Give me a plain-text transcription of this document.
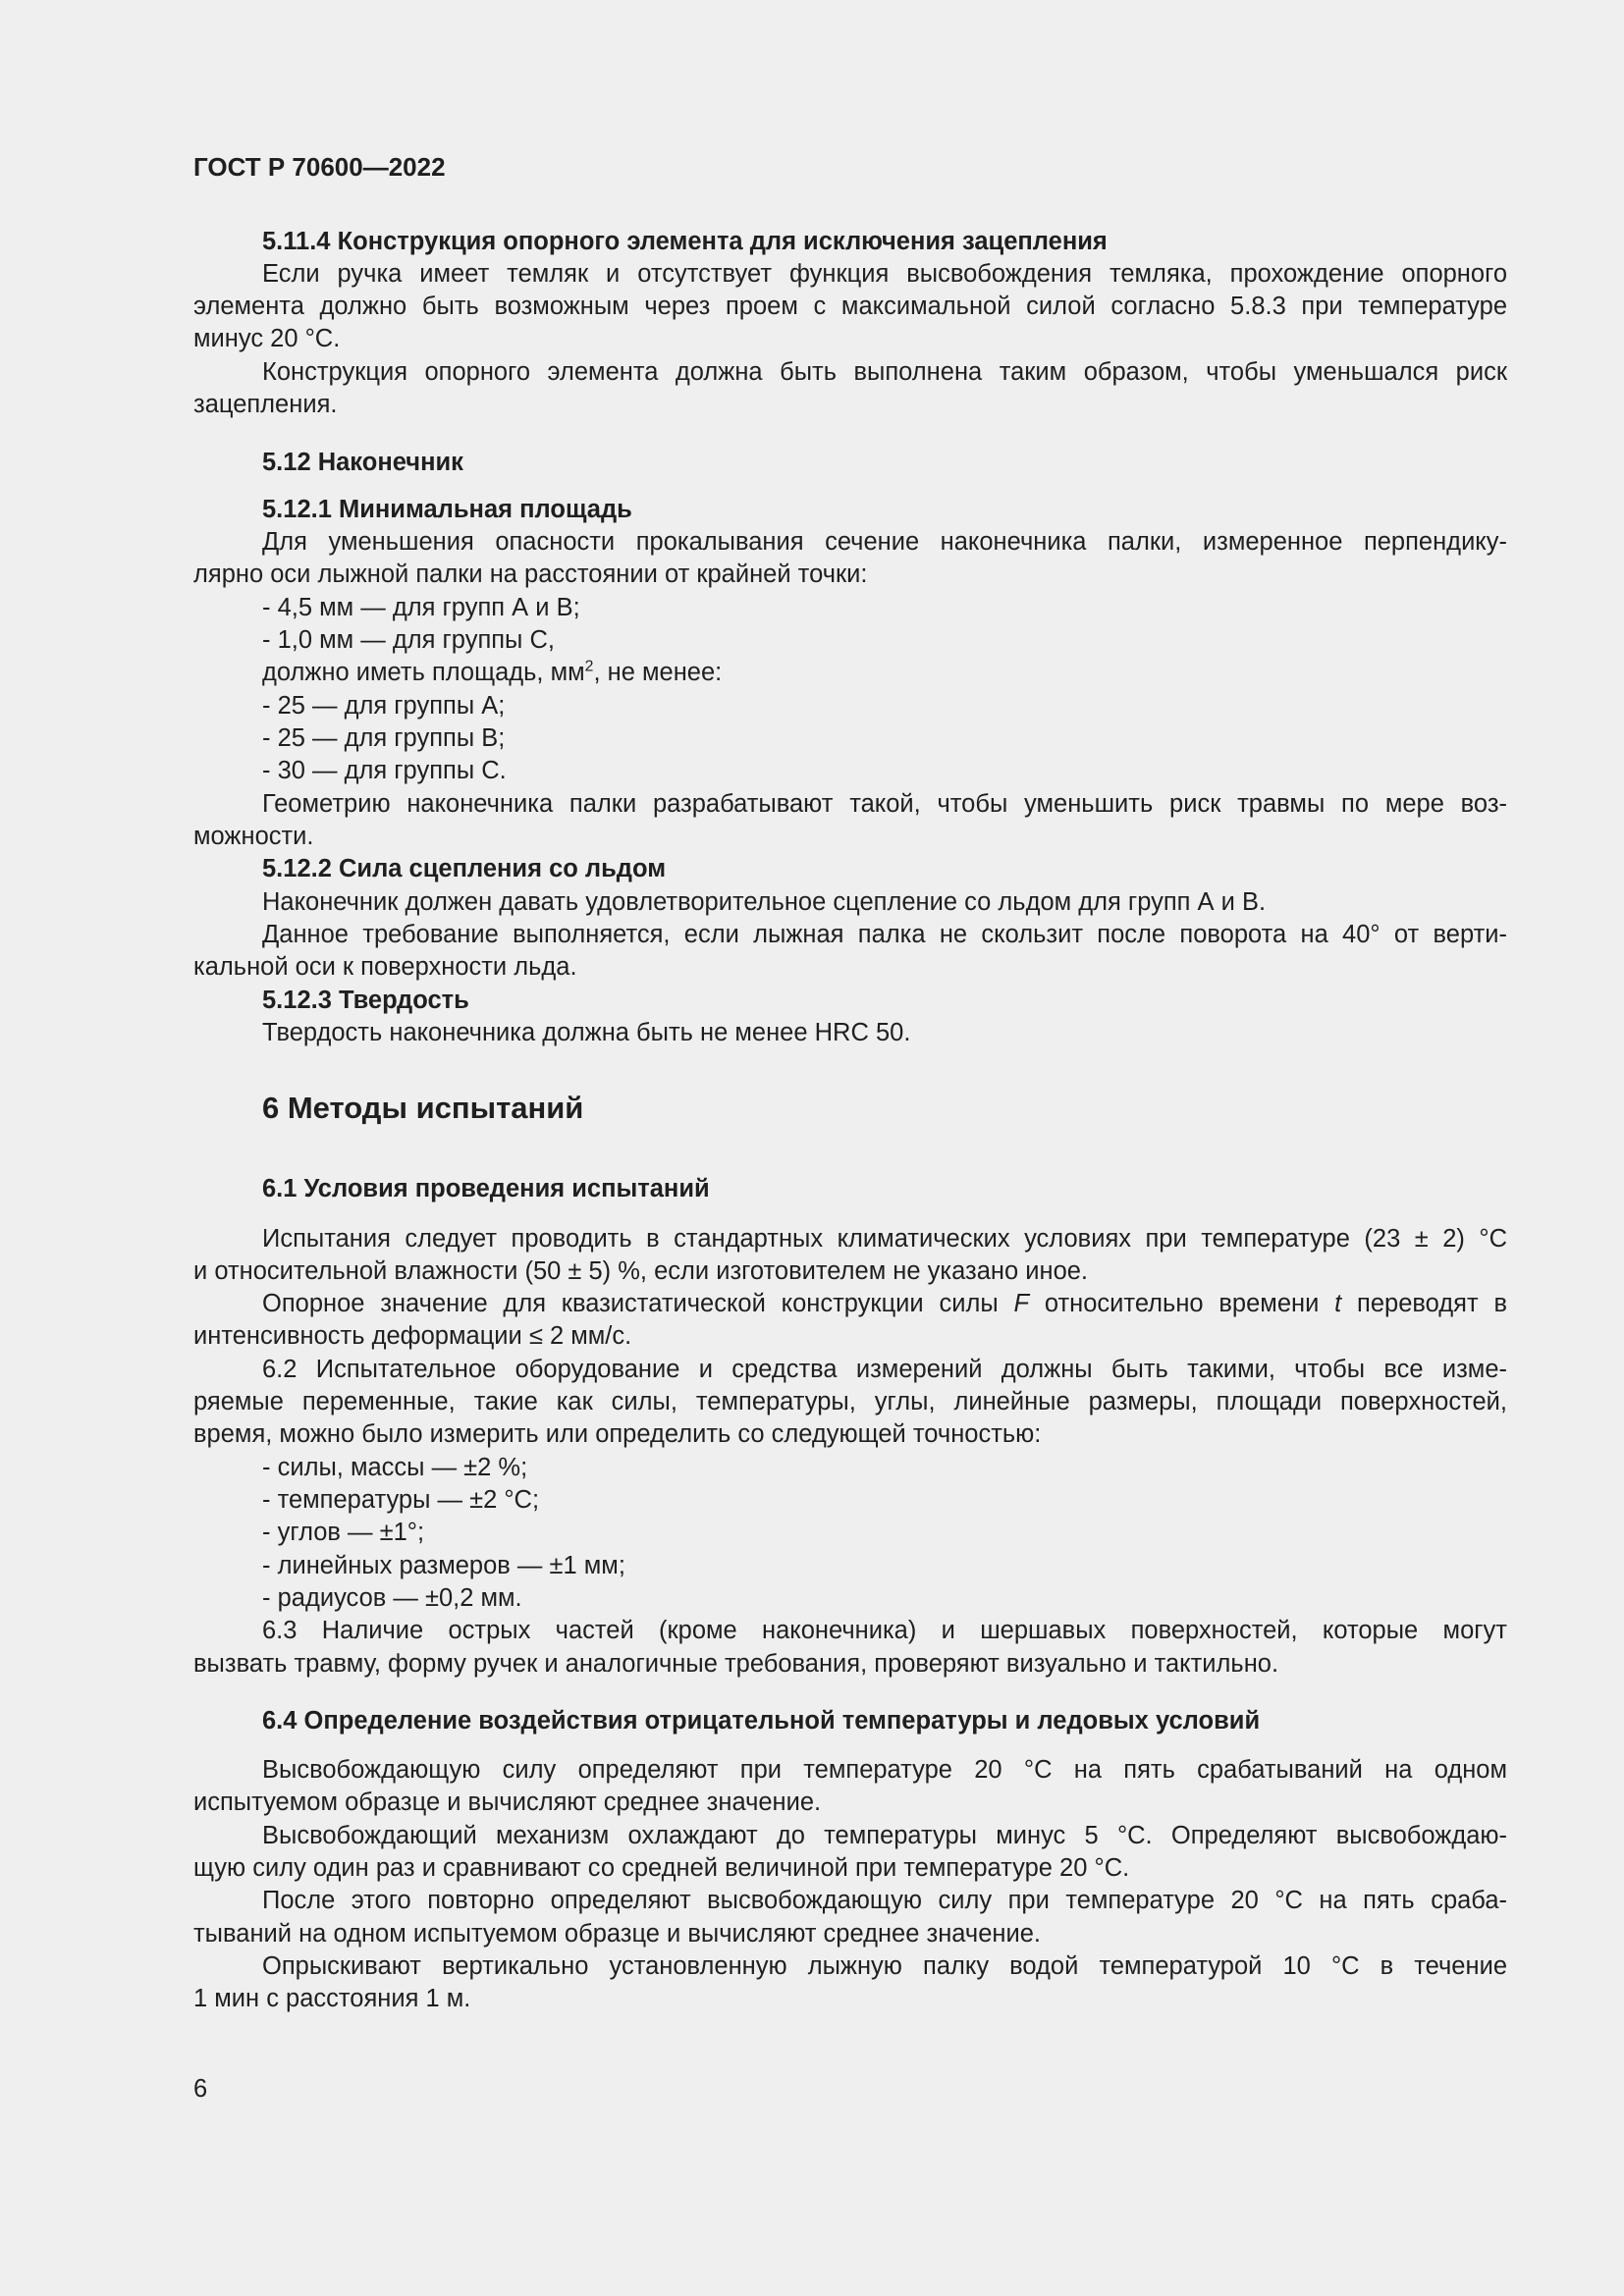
ГОСТ Р 70600—2022
5.11.4 Конструкция опорного элемента для исключения зацепления
Если ручка имеет темляк и отсутствует функция высвобождения темляка, прохождение опорного
элемента должно быть возможным через проем с максимальной силой согласно 5.8.3 при температуре
минус 20 °С.
Конструкция опорного элемента должна быть выполнена таким образом, чтобы уменьшался риск
зацепления.
5.12 Наконечник
5.12.1 Минимальная площадь
Для уменьшения опасности прокалывания сечение наконечника палки, измеренное перпендику-
лярно оси лыжной палки на расстоянии от крайней точки:
- 4,5 мм — для групп А и В;
- 1,0 мм — для группы С,
должно иметь площадь, $мм^2$, не менее:
- 25 — для группы А;
- 25 — для группы В;
- 30 — для группы С.
Геометрию наконечника палки разрабатывают такой, чтобы уменьшить риск травмы по мере воз-
можности.
5.12.2 Сила сцепления со льдом
Наконечник должен давать удовлетворительное сцепление со льдом для групп А и В.
Данное требование выполняется, если лыжная палка не скользит после поворота на 40° от верти-
кальной оси к поверхности льда.
5.12.3 Твердость
Твердость наконечника должна быть не менее HRC 50.
6 Методы испытаний
6.1 Условия проведения испытаний
Испытания следует проводить в стандартных климатических условиях при температуре (23 ± 2) °С
и относительной влажности (50 ± 5) %, если изготовителем не указано иное.
Опорное значение для квазистатической конструкции силы F относительно времени t переводят в
интенсивность деформации ≤ 2 мм/с.
6.2 Испытательное оборудование и средства измерений должны быть такими, чтобы все изме-
ряемые переменные, такие как силы, температуры, углы, линейные размеры, площади поверхностей,
время, можно было измерить или определить со следующей точностью:
- силы, массы — ±2 %;
- температуры — ±2 °С;
- углов — ±1°;
- линейных размеров — ±1 мм;
- радиусов — ±0,2 мм.
6.3 Наличие острых частей (кроме наконечника) и шершавых поверхностей, которые могут
вызвать травму, форму ручек и аналогичные требования, проверяют визуально и тактильно.
6.4 Определение воздействия отрицательной температуры и ледовых условий
Высвобождающую силу определяют при температуре 20 °С на пять срабатываний на одном
испытуемом образце и вычисляют среднее значение.
Высвобождающий механизм охлаждают до температуры минус 5 °С. Определяют высвобождаю-
щую силу один раз и сравнивают со средней величиной при температуре 20 °С.
После этого повторно определяют высвобождающую силу при температуре 20 °С на пять сраба-
тываний на одном испытуемом образце и вычисляют среднее значение.
Опрыскивают вертикально установленную лыжную палку водой температурой 10 °С в течение
1 мин с расстояния 1 м.
6
